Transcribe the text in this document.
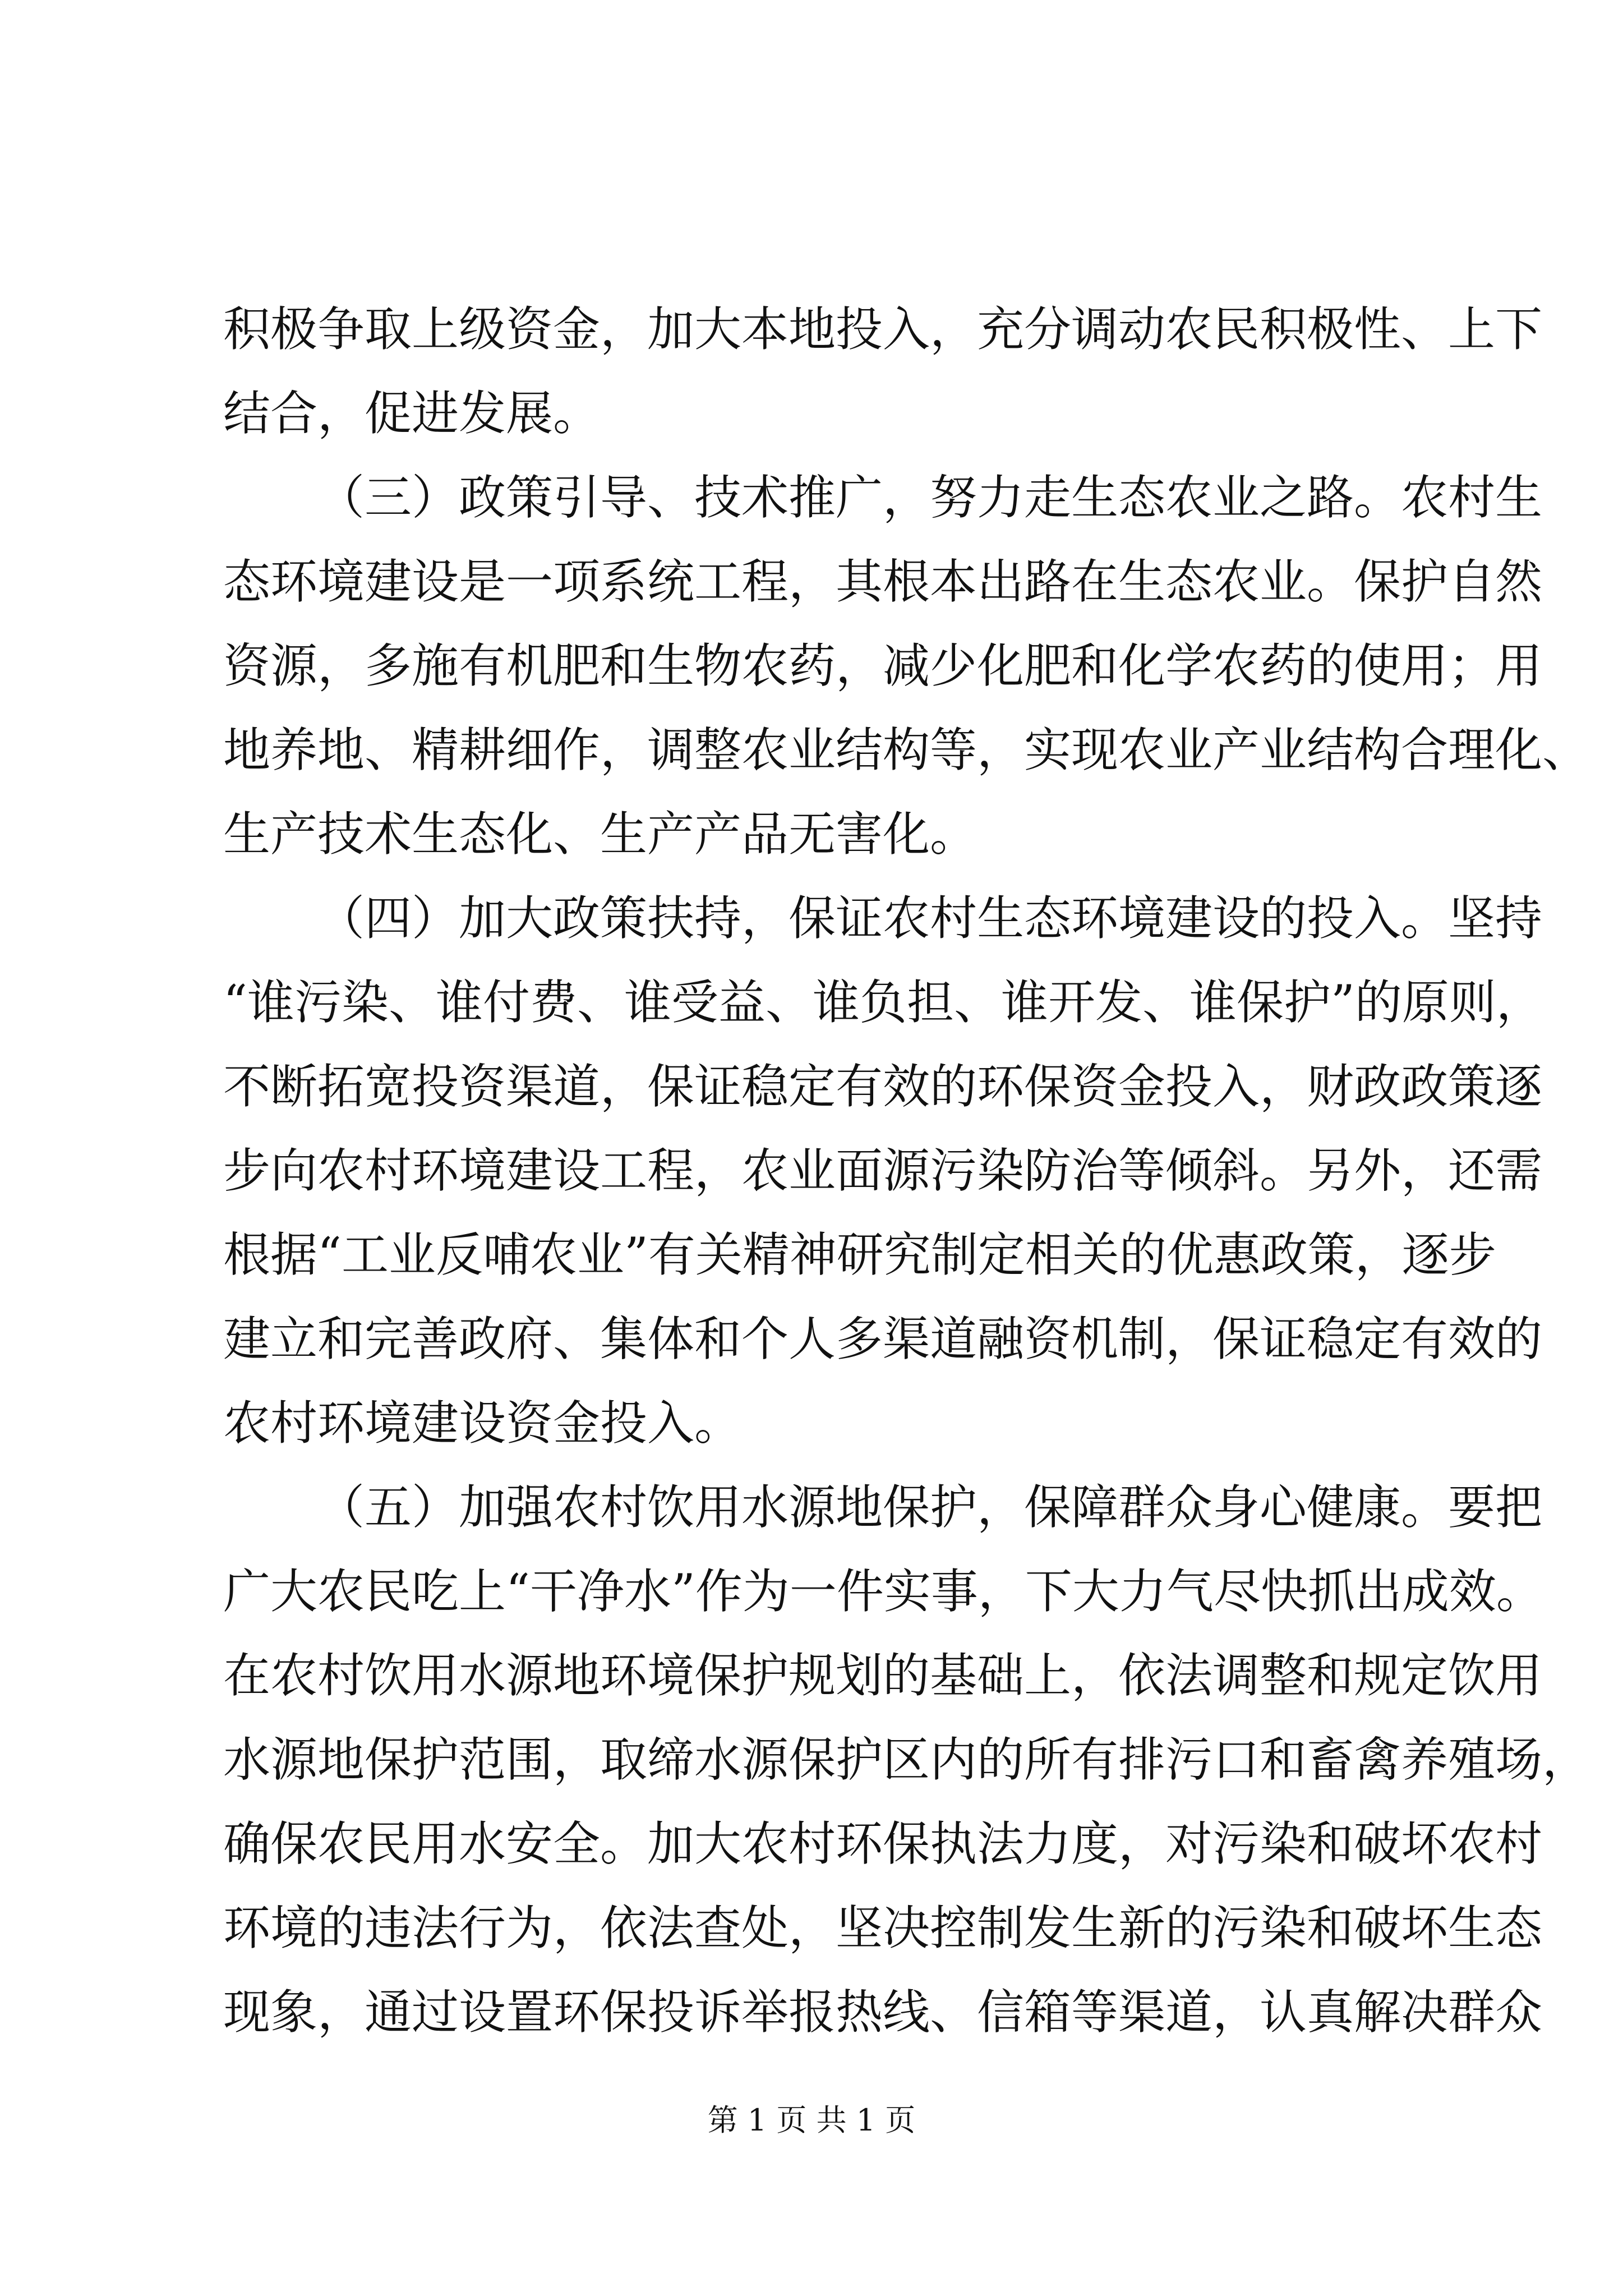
积极争取上级资金，加大本地投入，充分调动农民积极性、上下
结合，促进发展。
（三）政策引导、技术推广，努力走生态农业之路。农村生
态环境建设是一项系统工程，其根本出路在生态农业。保护自然
资源，多施有机肥和生物农药，减少化肥和化学农药的使用；用
地养地、精耕细作，调整农业结构等，实现农业产业结构合理化、
生产技术生态化、生产产品无害化。
（四）加大政策扶持，保证农村生态环境建设的投入。坚持
“谁污染、谁付费、谁受益、谁负担、谁开发、谁保护”的原则，
不断拓宽投资渠道，保证稳定有效的环保资金投入，财政政策逐
步向农村环境建设工程，农业面源污染防治等倾斜。另外，还需
根据“工业反哺农业”有关精神研究制定相关的优惠政策，逐步
建立和完善政府、集体和个人多渠道融资机制，保证稳定有效的
农村环境建设资金投入。
（五）加强农村饮用水源地保护，保障群众身心健康。要把
广大农民吃上“干净水”作为一件实事，下大力气尽快抓出成效。
在农村饮用水源地环境保护规划的基础上，依法调整和规定饮用
水源地保护范围，取缔水源保护区内的所有排污口和畜禽养殖场，
确保农民用水安全。加大农村环保执法力度，对污染和破坏农村
环境的违法行为，依法查处，坚决控制发生新的污染和破坏生态
现象，通过设置环保投诉举报热线、信箱等渠道，认真解决群众
第 1 页 共 1 页
